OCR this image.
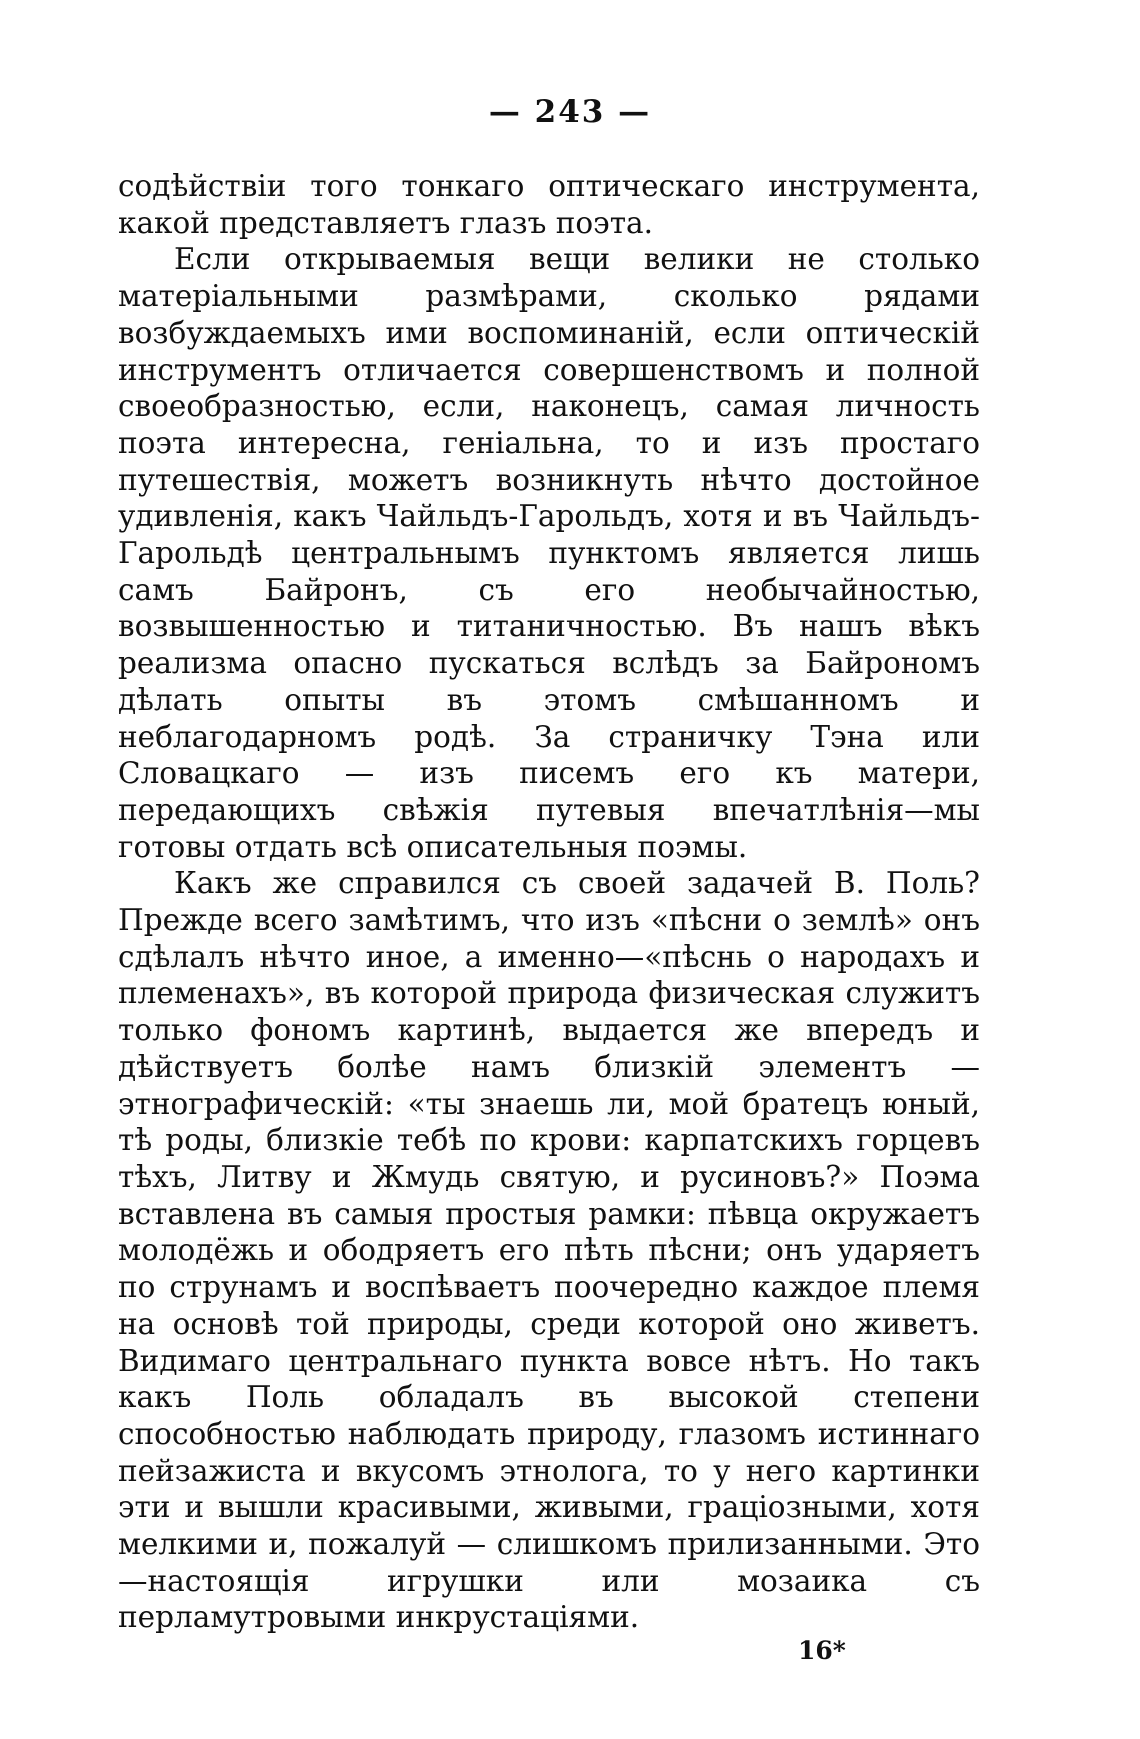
— 243 —

содѣйствіи того тонкаго оптическаго инструмента, какой представляетъ глазъ поэта.

Если открываемыя вещи велики не столько матеріальными размѣрами, сколько рядами возбуждаемыхъ ими воспоминаній, если оптическій инструментъ отличается совершенствомъ и полной своеобразностью, если, наконецъ, самая личность поэта интересна, геніальна, то и изъ простаго путешествія, можетъ возникнуть нѣчто достойное удивленія, какъ Чайльдъ-Гарольдъ, хотя и въ Чайльдъ-Гарольдѣ центральнымъ пунктомъ является лишь самъ Байронъ, съ его необычайностью, возвышенностью и титаничностью. Въ нашъ вѣкъ реализма опасно пускаться вслѣдъ за Байрономъ дѣлать опыты въ этомъ смѣшанномъ и неблагодарномъ родѣ. За страничку Тэна или Словацкаго — изъ писемъ его къ матери, передающихъ свѣжія путевыя впечатлѣнія—мы готовы отдать всѣ описательныя поэмы.

Какъ же справился съ своей задачей В. Поль? Прежде всего замѣтимъ, что изъ «пѣсни о землѣ» онъ сдѣлалъ нѣчто иное, а именно—«пѣснь о народахъ и племенахъ», въ которой природа физическая служитъ только фономъ картинѣ, выдается же впередъ и дѣйствуетъ болѣе намъ близкій элементъ — этнографическій: «ты знаешь ли, мой братецъ юный, тѣ роды, близкіе тебѣ по крови: карпатскихъ горцевъ тѣхъ, Литву и Жмудь святую, и русиновъ?» Поэма вставлена въ самыя простыя рамки: пѣвца окружаетъ молодёжь и ободряетъ его пѣть пѣсни; онъ ударяетъ по струнамъ и воспѣваетъ поочередно каждое племя на основѣ той природы, среди которой оно живетъ. Видимаго центральнаго пункта вовсе нѣтъ. Но такъ какъ Поль обладалъ въ высокой степени способностью наблюдать природу, глазомъ истиннаго пейзажиста и вкусомъ этнолога, то у него картинки эти и вышли красивыми, живыми, граціозными, хотя мелкими и, пожалуй — слишкомъ прилизанными. Это—настоящія игрушки или мозаика съ перламутровыми инкрустаціями.

16*
